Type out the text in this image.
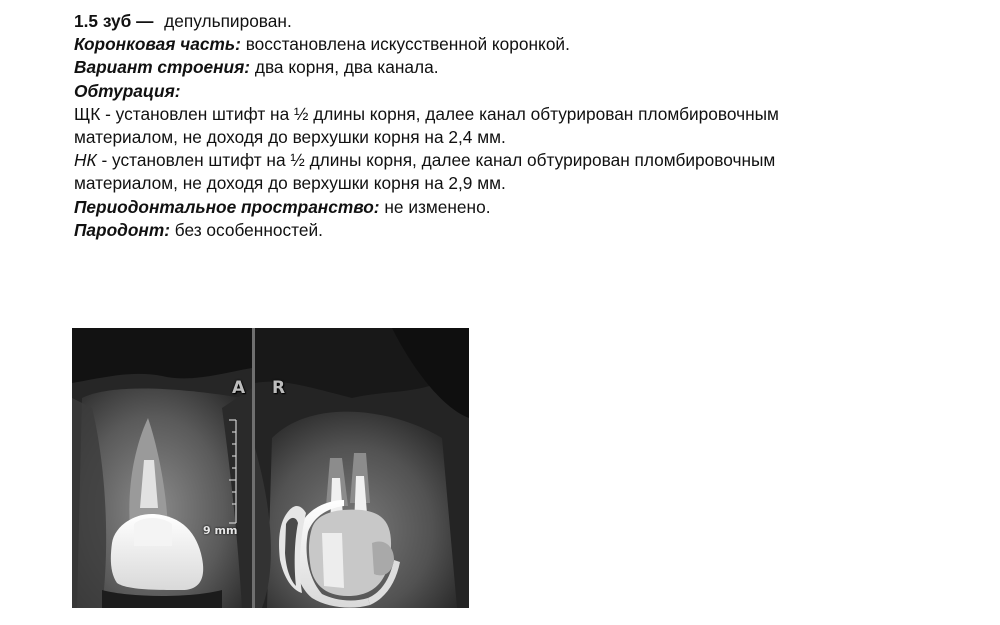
1.5 зуб — депульпирован.
Коронковая часть: восстановлена искусственной коронкой.
Вариант строения: два корня, два канала.
Обтурация:
ЩК - установлен штифт на ½ длины корня, далее канал обтурирован пломбировочным
материалом, не доходя до верхушки корня на 2,4 мм.
НК - установлен штифт на ½ длины корня, далее канал обтурирован пломбировочным
материалом, не доходя до верхушки корня на 2,9 мм.
Периодонтальное пространство: не изменено.
Пародонт: без особенностей.
A R
9 mm
